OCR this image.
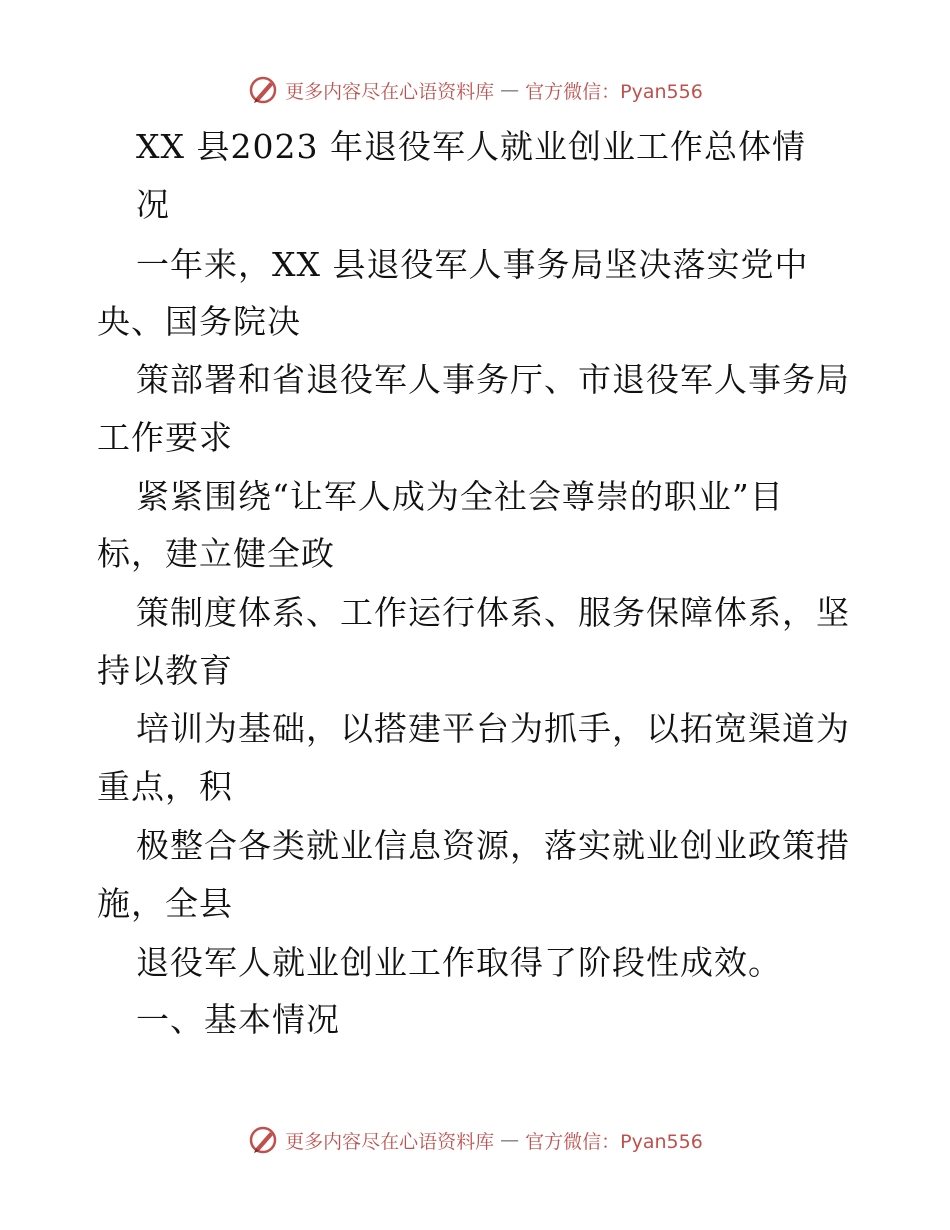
更多内容尽在心语资料库 — 官方微信：Pyan556
XX 县2023 年退役军人就业创业工作总体情
况
一年来，XX 县退役军人事务局坚决落实党中
央、国务院决
策部署和省退役军人事务厅、市退役军人事务局
工作要求
紧紧围绕“让军人成为全社会尊崇的职业”目
标，建立健全政
策制度体系、工作运行体系、服务保障体系，坚
持以教育
培训为基础，以搭建平台为抓手，以拓宽渠道为
重点，积
极整合各类就业信息资源，落实就业创业政策措
施，全县
退役军人就业创业工作取得了阶段性成效。
一、基本情况
更多内容尽在心语资料库 — 官方微信：Pyan556
